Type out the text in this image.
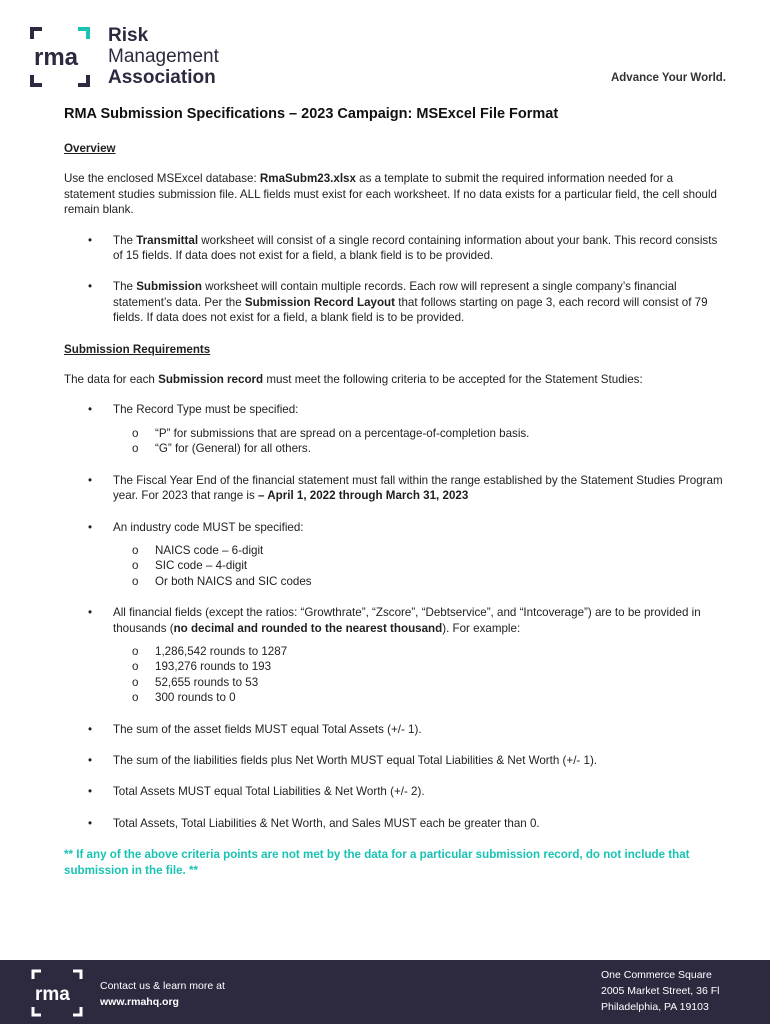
rma
Risk
Management
Association	Advance Your World.
RMA Submission Specifications – 2023 Campaign: MSExcel File Format
Overview

Use the enclosed MSExcel database: RmaSubm23.xlsx as a template to submit the required information needed for a statement studies submission file. ALL fields must exist for each worksheet. If no data exists for a particular field, the cell should remain blank.

• The Transmittal worksheet will consist of a single record containing information about your bank. This record consists of 15 fields. If data does not exist for a field, a blank field is to be provided.
• The Submission worksheet will contain multiple records. Each row will represent a single company’s financial statement’s data. Per the Submission Record Layout that follows starting on page 3, each record will consist of 79 fields. If data does not exist for a field, a blank field is to be provided.
Submission Requirements

The data for each Submission record must meet the following criteria to be accepted for the Statement Studies:

• The Record Type must be specified:
o “P” for submissions that are spread on a percentage-of-completion basis.
o “G” for (General) for all others.
• The Fiscal Year End of the financial statement must fall within the range established by the Statement Studies Program year. For 2023 that range is – April 1, 2022 through March 31, 2023
• An industry code MUST be specified:
o NAICS code – 6-digit
o SIC code – 4-digit
o Or both NAICS and SIC codes
• All financial fields (except the ratios: “Growthrate”, “Zscore”, “Debtservice”, and “Intcoverage”) are to be provided in thousands (no decimal and rounded to the nearest thousand). For example:
o 1,286,542 rounds to 1287
o 193,276 rounds to 193
o 52,655 rounds to 53
o 300 rounds to 0
• The sum of the asset fields MUST equal Total Assets (+/- 1).
• The sum of the liabilities fields plus Net Worth MUST equal Total Liabilities & Net Worth (+/- 1).
• Total Assets MUST equal Total Liabilities & Net Worth (+/- 2).
• Total Assets, Total Liabilities & Net Worth, and Sales MUST each be greater than 0.
** If any of the above criteria points are not met by the data for a particular submission record, do not include that submission in the file. **
rma	Contact us & learn more at
www.rmahq.org
One Commerce Square
2005 Market Street, 36 Fl
Philadelphia, PA 19103
